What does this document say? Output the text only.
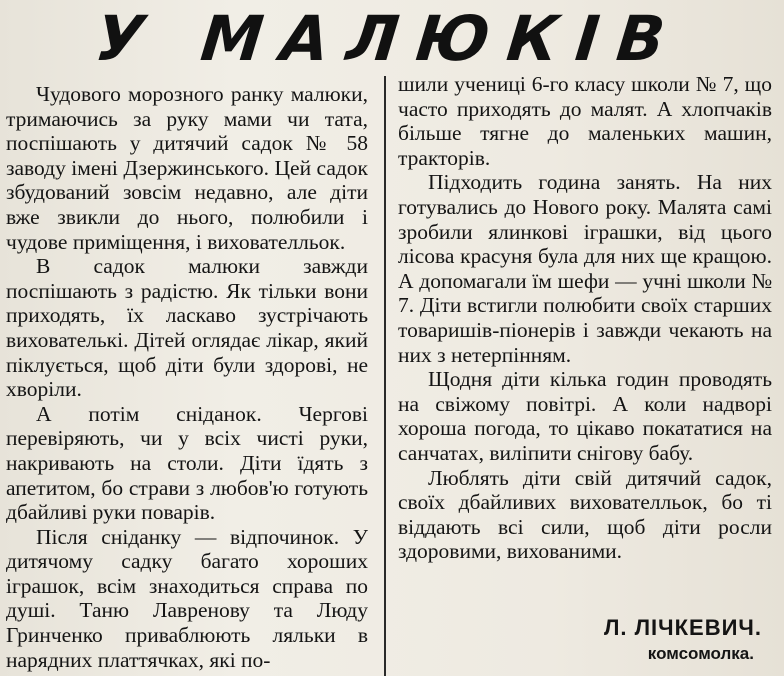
У МАЛЮКІВ

Чудового морозного ранку малюки, тримаючись за руку мами чи тата, поспішають у дитячий садок № 58 заводу імені Дзержинського. Цей садок збудований зовсім недавно, але діти вже звикли до нього, полюбили і чудове приміщення, і вихователльок.

В садок малюки завжди поспішають з радістю. Як тільки вони приходять, їх ласкаво зустрічають вихователькі. Дітей оглядає лікар, який піклується, щоб діти були здорові, не хворіли.

А потім сніданок. Чергові перевіряють, чи у всіх чисті руки, накривають на столи. Діти їдять з апетитом, бо страви з любов'ю готують дбайливі руки поварів.

Після сніданку — відпочинок. У дитячому садку багато хороших іграшок, всім знаходиться справа по душі. Таню Лавренову та Люду Гринченко приваблюють ляльки в нарядних платтячках, які по-

шили учениці 6-го класу школи № 7, що часто приходять до малят. А хлопчаків більше тягне до маленьких машин, тракторів.

Підходить година занять. На них готувались до Нового року. Малята самі зробили ялинкові іграшки, від цього лісова красуня була для них ще кращою. А допомагали їм шефи — учні школи № 7. Діти встигли полюбити своїх старших товаришів-піонерів і завжди чекають на них з нетерпінням.

Щодня діти кілька годин проводять на свіжому повітрі. А коли надворі хороша погода, то цікаво покататися на санчатах, виліпити снігову бабу.

Люблять діти свій дитячий садок, своїх дбайливих вихователльок, бо ті віддають всі сили, щоб діти росли здоровими, вихованими.

Л. ЛІЧКЕВИЧ.
комсомолка.
